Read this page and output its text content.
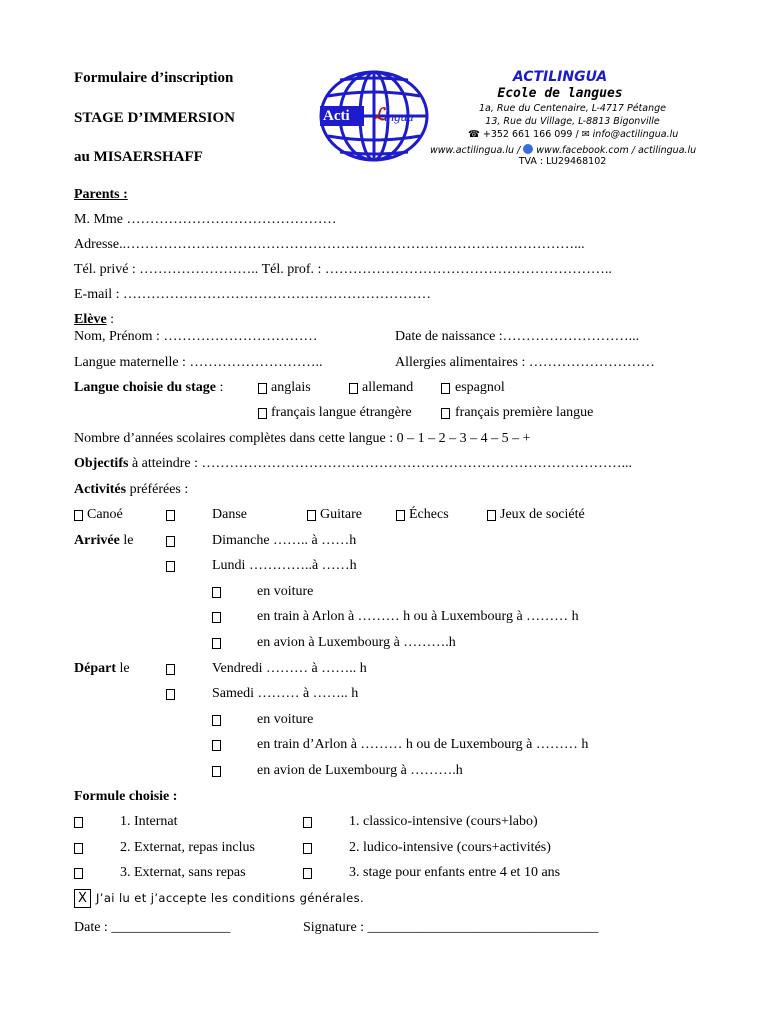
Formulaire d’inscription
STAGE D’IMMERSION
au MISAERSHAFF
Acti ℒ
ingua
ACTILINGUA
Ecole de langues
1a, Rue du Centenaire, L-4717 Pétange
13, Rue du Village, L-8813 Bigonville
☎ +352 661 166 099 / ✉ info@actilingua.lu
www.actilingua.lu / www.facebook.com / actilingua.lu
TVA : LU29468102
Parents :
M. Mme ………………………………………
Adresse..……………………………………………………………………………………...
Tél. privé : …………………….. Tél. prof. : ……………………………………………………..
E-mail : …………………………………………………………
Elève :
Nom, Prénom : ……………………………	Date de naissance :………………………...
Langue maternelle : ………………………..	Allergies alimentaires : ………………………
Langue choisie du stage :	anglais	allemand	espagnol
français langue étrangère	français première langue
Nombre d’années scolaires complètes dans cette langue : 0 – 1 – 2 – 3 – 4 – 5 – +
Objectifs à atteindre : ………………………………………………………………………………...
Activités préférées :
Canoé	Danse	Guitare	Échecs	Jeux de société
Arrivée le	Dimanche …….. à ……h
Lundi …………..à ……h
en voiture
en train à Arlon à ……… h ou à Luxembourg à ……… h
en avion à Luxembourg à ……….h
Départ le	Vendredi ……… à …….. h
Samedi ……… à …….. h
en voiture
en train d’Arlon à ……… h ou de Luxembourg à ……… h
en avion de Luxembourg à ……….h
Formule choisie :
1. Internat	1. classico-intensive (cours+labo)
2. Externat, repas inclus	2. ludico-intensive (cours+activités)
3. Externat, sans repas	3. stage pour enfants entre 4 et 10 ans
X J’ai lu et j’accepte les conditions générales.
Date : _________________	Signature : _________________________________
